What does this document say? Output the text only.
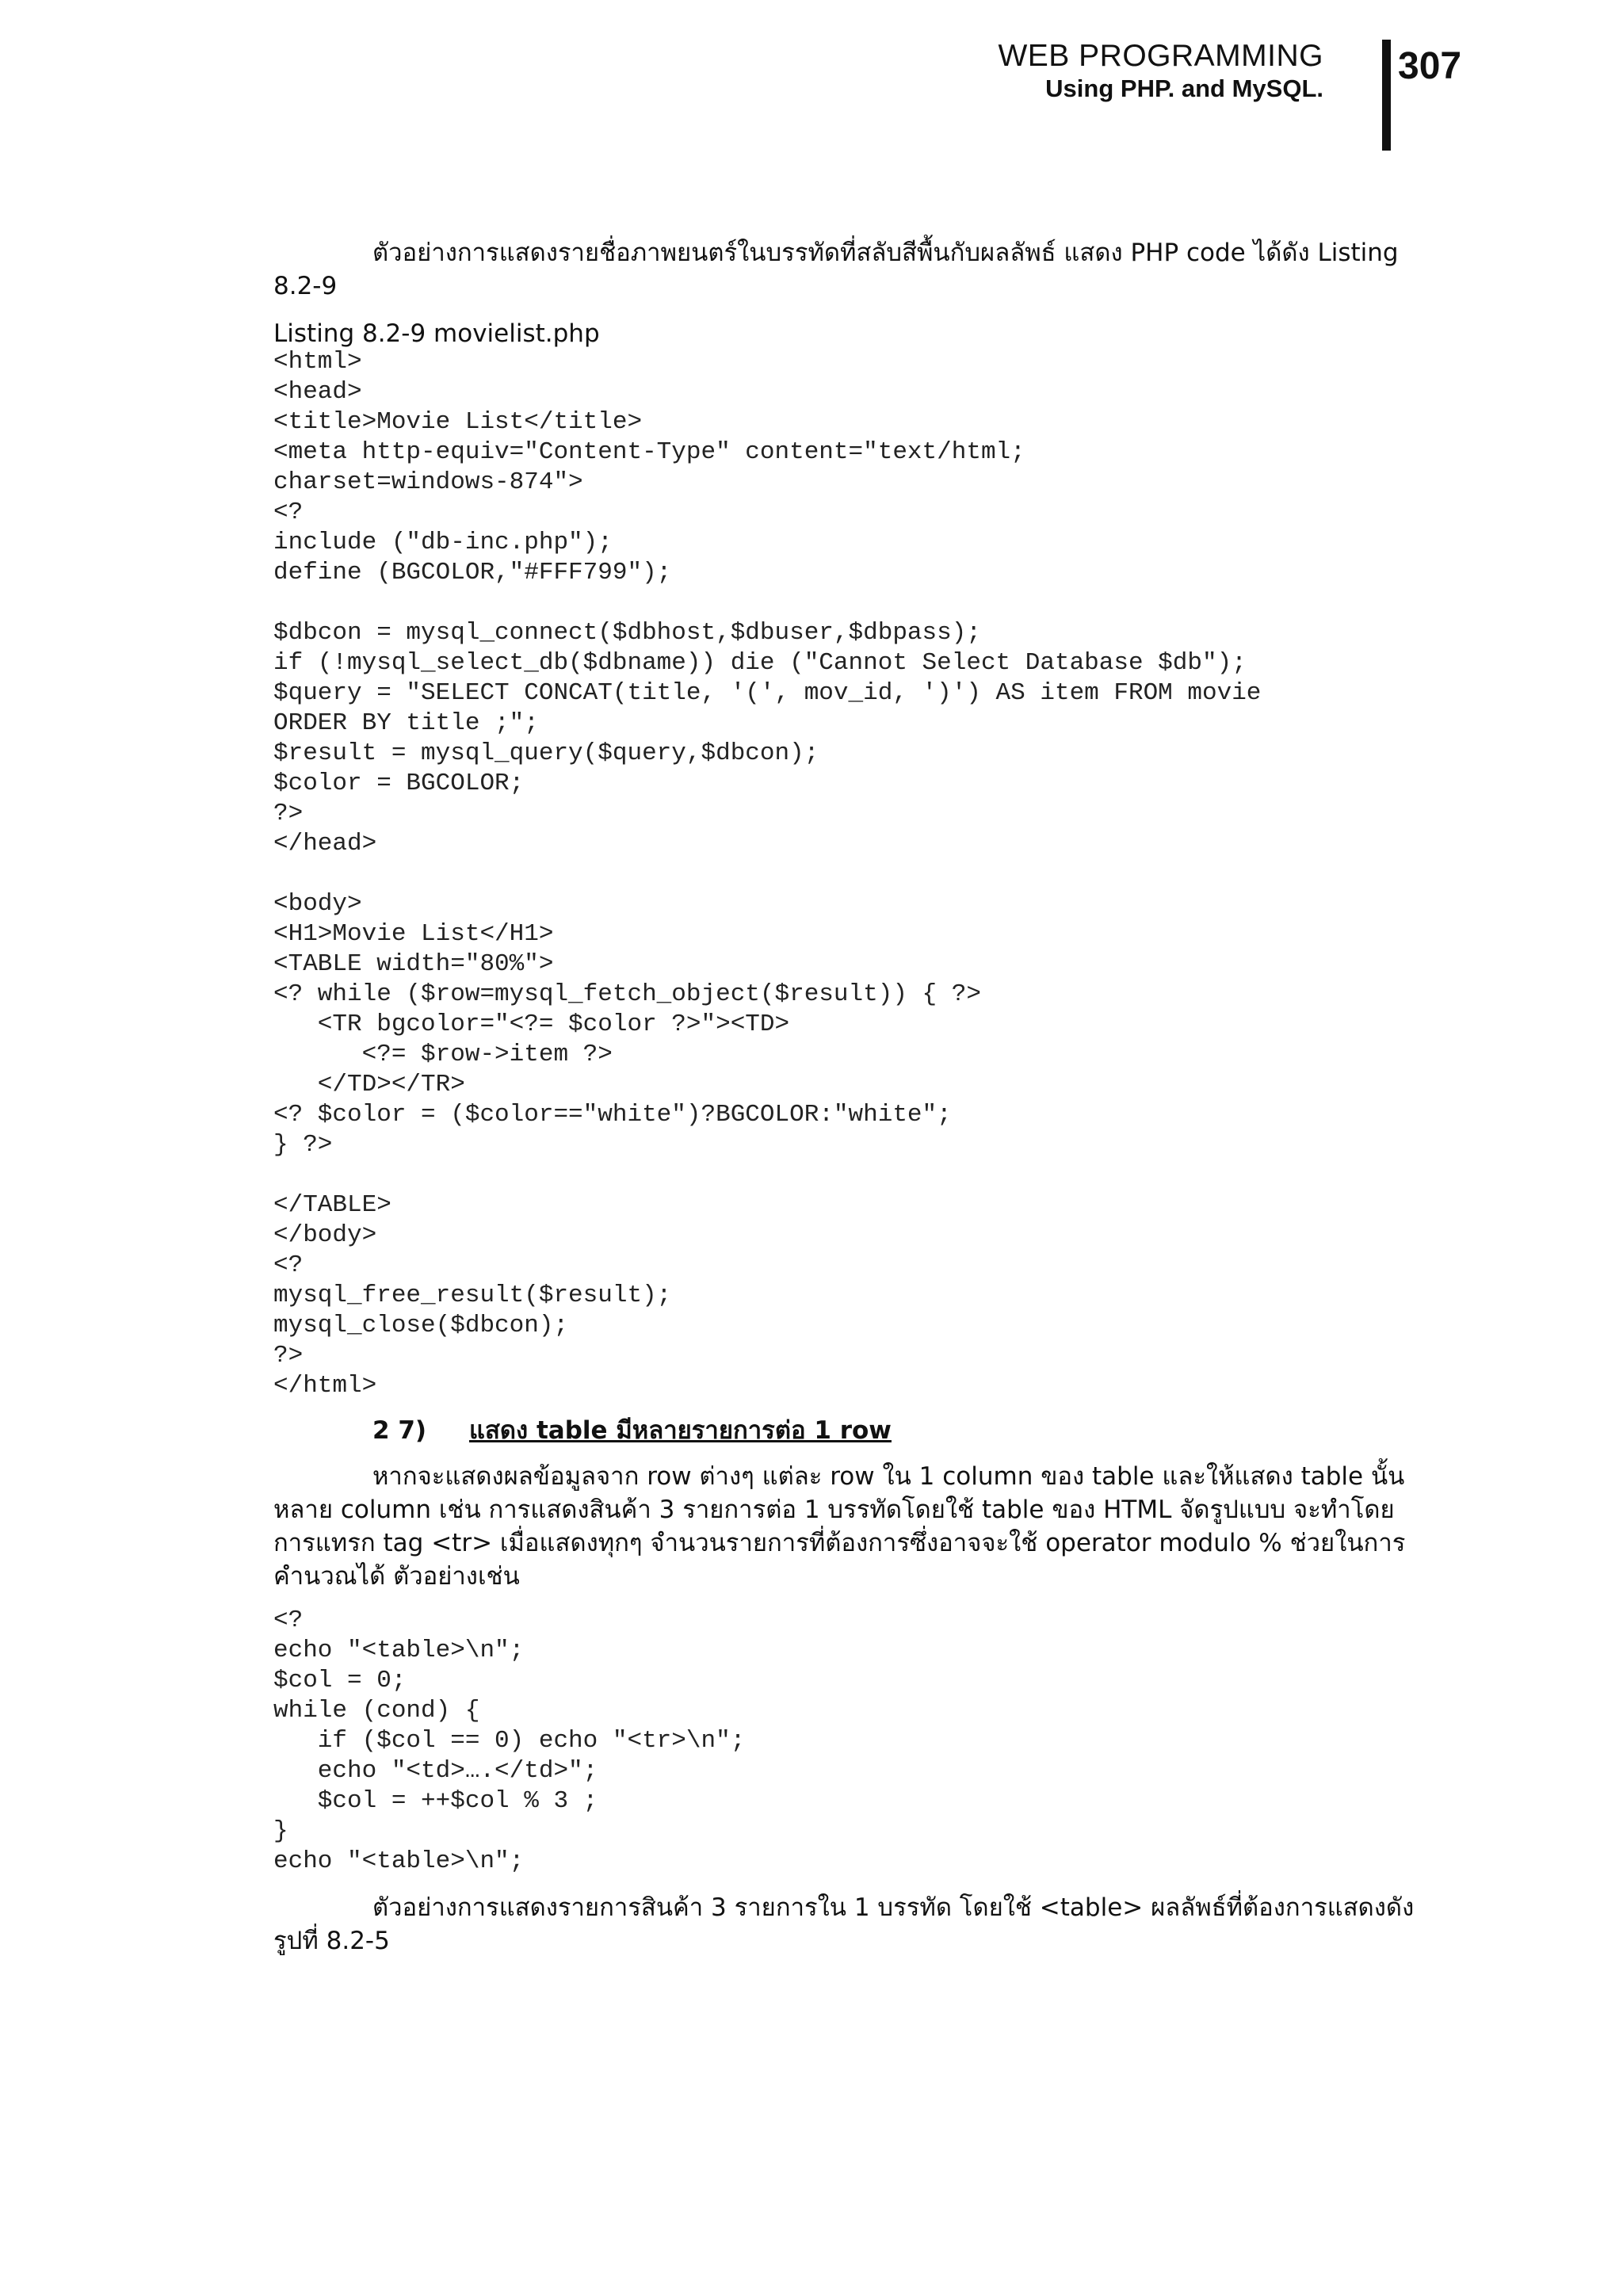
WEB PROGRAMMING
Using PHP. and MySQL.
307
ตัวอย่างการแสดงรายชื่อภาพยนตร์ในบรรทัดที่สลับสีพื้นกับผลลัพธ์ แสดง PHP code ได้ดัง Listing 8.2-9
Listing 8.2-9 movielist.php
<html>
<head>
<title>Movie List</title>
<meta http-equiv="Content-Type" content="text/html;
charset=windows-874">
<?
include ("db-inc.php");
define (BGCOLOR,"#FFF799");

$dbcon = mysql_connect($dbhost,$dbuser,$dbpass);
if (!mysql_select_db($dbname)) die ("Cannot Select Database $db");
$query = "SELECT CONCAT(title, '(', mov_id, ')') AS item FROM movie
ORDER BY title ;";
$result = mysql_query($query,$dbcon);
$color = BGCOLOR;
?>
</head>

<body>
<H1>Movie List</H1>
<TABLE width="80%">
<? while ($row=mysql_fetch_object($result)) { ?>
<TR bgcolor="<?= $color ?>"><TD>
<?= $row->item ?>
</TD></TR>
<? $color = ($color=="white")?BGCOLOR:"white";
} ?>

</TABLE>
</body>
<?
mysql_free_result($result);
mysql_close($dbcon);
?>
</html>
2 7) แสดง table มีหลายรายการต่อ 1 row
หากจะแสดงผลข้อมูลจาก row ต่างๆ แต่ละ row ใน 1 column ของ table และให้แสดง table นั้นหลาย column เช่น การแสดงสินค้า 3 รายการต่อ 1 บรรทัดโดยใช้ table ของ HTML จัดรูปแบบ จะทำโดยการแทรก tag <tr> เมื่อแสดงทุกๆ จำนวนรายการที่ต้องการซึ่งอาจจะใช้ operator modulo % ช่วยในการคำนวณได้ ตัวอย่างเช่น
<?
echo "<table>\n";
$col = 0;
while (cond) {
if ($col == 0) echo "<tr>\n";
echo "<td>….</td>";
$col = ++$col % 3 ;
}
echo "<table>\n";
ตัวอย่างการแสดงรายการสินค้า 3 รายการใน 1 บรรทัด โดยใช้ <table> ผลลัพธ์ที่ต้องการแสดงดังรูปที่ 8.2-5
